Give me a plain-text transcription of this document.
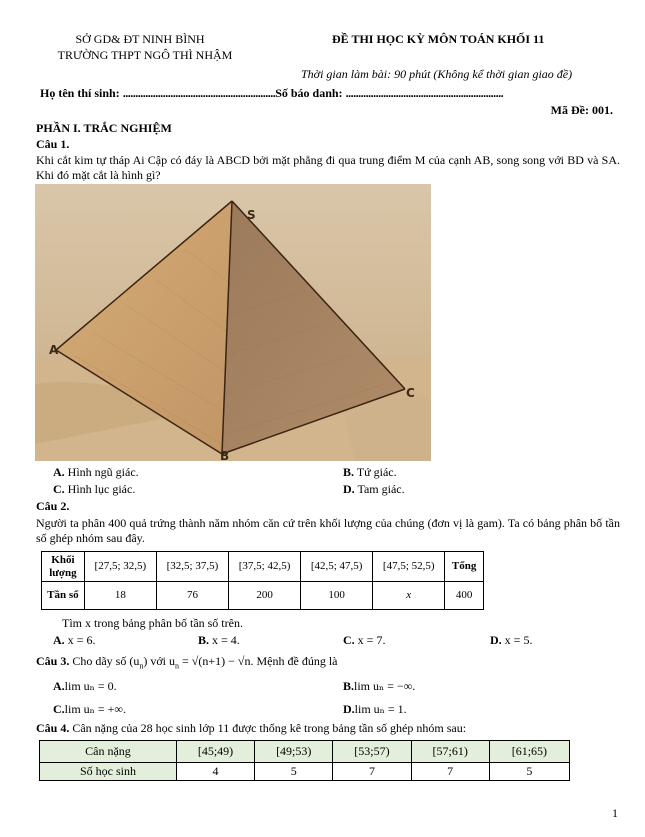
SỞ GD& ĐT NINH BÌNH
TRƯỜNG THPT NGÔ THÌ NHẬM
ĐỀ THI HỌC KỲ MÔN TOÁN KHỐI 11
Thời gian làm bài: 90 phút (Không kể thời gian giao đề)
Họ tên thí sinh: .............................................................Số báo danh: ...............................................................
Mã Đề: 001.
PHẦN I. TRẮC NGHIỆM
Câu 1.
Khi cắt kim tự tháp Ai Cập có đáy là ABCD bởi mặt phẳng đi qua trung điểm M của cạnh AB, song song với BD và SA. Khi đó mặt cắt là hình gì?
S
A
B
C
A. Hình ngũ giác.	B. Tứ giác.
C. Hình lục giác.	D. Tam giác.
Câu 2.
Người ta phân 400 quả trứng thành năm nhóm căn cứ trên khối lượng của chúng (đơn vị là gam). Ta có bảng phân bố tần số ghép nhóm sau đây.
Khối lượng	[27,5; 32,5)	[32,5; 37,5)	[37,5; 42,5)	[42,5; 47,5)	[47,5; 52,5)	Tổng
Tần số	18	76	200	100	x	400
Tìm x trong bảng phân bố tần số trên.
A. x = 6.	B. x = 4.	C. x = 7.	D. x = 5.
Câu 3. Cho dãy số $(u_n)$ với $u_n = √(n+1) - √n$. Mệnh đề đúng là
A.lim uₙ = 0.	B.lim uₙ = −∞.
C.lim uₙ = +∞.	D.lim uₙ = 1.
Câu 4. Cân nặng của 28 học sinh lớp 11 được thống kê trong bảng tần số ghép nhóm sau:
Cân nặng	[45;49)	[49;53)	[53;57)	[57;61)	[61;65)
Số học sinh	4	5	7	7	5
1
